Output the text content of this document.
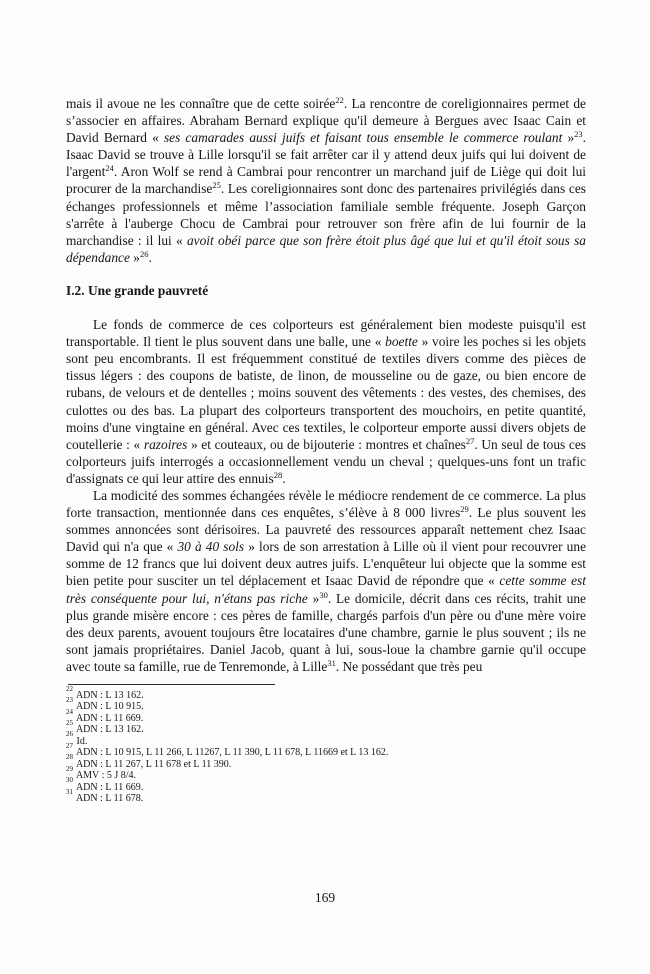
mais il avoue ne les connaître que de cette soirée$^{22}$. La rencontre de coreligionnaires permet de s’associer en affaires. Abraham Bernard explique qu'il demeure à Bergues avec Isaac Cain et David Bernard « ses camarades aussi juifs et faisant tous ensemble le commerce roulant »$^{23}$. Isaac David se trouve à Lille lorsqu'il se fait arrêter car il y attend deux juifs qui lui doivent de l'argent$^{24}$. Aron Wolf se rend à Cambrai pour rencontrer un marchand juif de Liège qui doit lui procurer de la marchandise$^{25}$. Les coreligionnaires sont donc des partenaires privilégiés dans ces échanges professionnels et même l’association familiale semble fréquente. Joseph Garçon s'arrête à l'auberge Chocu de Cambrai pour retrouver son frère afin de lui fournir de la marchandise : il lui « avoit obéi parce que son frère étoit plus âgé que lui et qu'il étoit sous sa dépendance »$^{26}$.

I.2. Une grande pauvreté

Le fonds de commerce de ces colporteurs est généralement bien modeste puisqu'il est transportable. Il tient le plus souvent dans une balle, une « boette » voire les poches si les objets sont peu encombrants. Il est fréquemment constitué de textiles divers comme des pièces de tissus légers : des coupons de batiste, de linon, de mousseline ou de gaze, ou bien encore de rubans, de velours et de dentelles ; moins souvent des vêtements : des vestes, des chemises, des culottes ou des bas. La plupart des colporteurs transportent des mouchoirs, en petite quantité, moins d'une vingtaine en général. Avec ces textiles, le colporteur emporte aussi divers objets de coutellerie : « razoires » et couteaux, ou de bijouterie : montres et chaînes$^{27}$. Un seul de tous ces colporteurs juifs interrogés a occasionnellement vendu un cheval ; quelques-uns font un trafic d'assignats ce qui leur attire des ennuis$^{28}$.

La modicité des sommes échangées révèle le médiocre rendement de ce commerce. La plus forte transaction, mentionnée dans ces enquêtes, s’élève à 8 000 livres$^{29}$. Le plus souvent les sommes annoncées sont dérisoires. La pauvreté des ressources apparaît nettement chez Isaac David qui n'a que « 30 à 40 sols » lors de son arrestation à Lille où il vient pour recouvrer une somme de 12 francs que lui doivent deux autres juifs. L'enquêteur lui objecte que la somme est bien petite pour susciter un tel déplacement et Isaac David de répondre que « cette somme est très conséquente pour lui, n'étans pas riche »$^{30}$. Le domicile, décrit dans ces récits, trahit une plus grande misère encore : ces pères de famille, chargés parfois d'un père ou d'une mère voire des deux parents, avouent toujours être locataires d'une chambre, garnie le plus souvent ; ils ne sont jamais propriétaires. Daniel Jacob, quant à lui, sous-loue la chambre garnie qu'il occupe avec toute sa famille, rue de Tenremonde, à Lille$^{31}$. Ne possédant que très peu

$^{22}$ ADN : L 13 162.
$^{23}$ ADN : L 10 915.
$^{24}$ ADN : L 11 669.
$^{25}$ ADN : L 13 162.
$^{26}$ Id.
$^{27}$ ADN : L 10 915, L 11 266, L 11267, L 11 390, L 11 678, L 11669 et L 13 162.
$^{28}$ ADN : L 11 267, L 11 678 et L 11 390.
$^{29}$ AMV : 5 J 8/4.
$^{30}$ ADN : L 11 669.
$^{31}$ ADN : L 11 678.
169
